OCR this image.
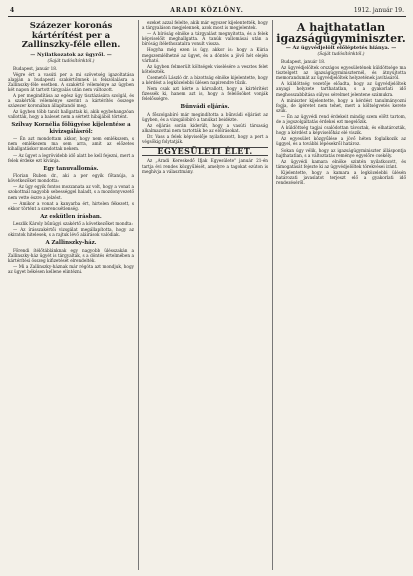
4	ARADI KÖZLÖNY.	1912. január 19.
Százezer koronás kártérítést per a Zallinszky-féle ellen.
— Nyilatkozatok az ügyről. —
(Saját tudósítónktól.)

Budapest, január 18.

Végre ért a vasúti per a mi szövetség igazoltatása alapján a budapesti szakértőmnek is felszólalásra a Zallinszky-féle esetben. A szakértő véleménye az ügyben két napon át tartott tárgyalás után nem változott.

A per megindítása az egész ügy tisztázására szolgál, és a szakértők véleménye szerint a kártérítés összege százezer koronában állapítandó meg.

Az ügyben több tanút hallgattak ki, akik egybehangzóan vallották, hogy a baleset nem a sértett hibájából történt.

Szilvay Kornélia fölügyése kijelentése a kivizsgálásról:

— Én azt mondottam akkor, hogy nem emlékszem, s nem emlékezem ma sem arra, amit az előzetes kihallgatáskor mondottak nekem.

— Az ügyet a legrövidebb idő alatt be kell fejezni, mert a felek érdeke ezt kívánja.

Egy tanuvallomás.

Florian Ruben dr., aki a per egyik főtanúja, a következőket mondotta:

— Az ügy egyik fontos mozzanata az volt, hogy a vonat a szokottnál nagyobb sebességgel haladt, s a mozdonyvezető nem vette észre a jelzést.

— Amikor a vonat a kanyarba ért, hirtelen fékezett, s ekkor történt a szerencsétlenség.

Az eskütlen írásban.

Leszlik Károly bűnügyi szakértő a következőket mondta:

— Az írásszakértői vizsgálat megállapította, hogy az okiratok hitelesek, s a rajtuk lévő aláírások valódiak.

A Zallinszky-ház.

Főrendi ítélőtáblánknak egy nagyobb ülésszakán a Zallinszky-ház ügyét is tárgyalták, s a döntés értelmében a kártérítési összeg kifizetését elrendelték.

— Mi a Zallinszky-háznak már régóta azt mondjuk, hogy az ügyet békésen kellene elintézni.

ezeket azzal felelte, akik már egyszer kijelentették, hogy a tárgyaláson megjelennek, azok most is megjelentek.

— A bíróság elnöke a tárgyalást megnyitotta, és a felek képviselőit meghallgatta. A tanúk vallomásai után a bíróság ítélethozatalra vonult vissza.

Hogyha még ezen is ügy, akkor is: hogy a Kúria megszemlélhetné az ügyet, és a döntés a jövő hét elején várható.

Az ügyben felmerült költségek viselésére a vesztes felet kötelezték.

Csemetői László dr. a bizottság elnöke kijelentette, hogy a kérdést a legközelebbi ülésen napirendre tűzik.

Nem csak azt kérte a kárvallott, hogy a kártérítést fizessék ki, hanem azt is, hogy a felelősöket vonják felelősségre.

Bűnvádi eljárás.

A főszolgabíró már megindította a bűnvádi eljárást az ügyben, és a vizsgálóbíró a tanúkat beidézte.

Az eljárás során kiderült, hogy a vasúti társaság alkalmazottai nem tartották be az előírásokat.

Dr. Vass a felek képviselője nyilatkozott, hogy a pert a végsőkig folytatják.

EGYESÜLETI ÉLET.

Az „Aradi Kereskedő Ifjak Egyesülete" január 21-én tartja évi rendes közgyűlését, amelyre a tagokat ezúton is meghívja a választmány.

A hajthatatlan igazságügyminiszter.
— Az ügyvédjelölt előléptetés hiánya. —
(Saját tudósítónktól.)

Budapest, január 18.

Az ügyvédjelöltek országos egyesületének küldöttsége ma tisztelgett az igazságügyminiszternél, és átnyújtotta memorandumát az ügyvédjelöltek helyzetének javításáról.

A küldöttség vezetője előadta, hogy az ügyvédjelöltek anyagi helyzete tarthatatlan, s a gyakorlati idő meghosszabbítása súlyos sérelmet jelentene számukra.

A miniszter kijelentette, hogy a kérdést tanulmányozni fogja, de ígéretet nem tehet, mert a költségvetés kerete szűk.

— Én az ügyvédi rend érdekeit mindig szem előtt tartom, de a jogszolgáltatás érdekei ezt megelőzik.

A küldöttség tagjai csalódottan távoztak, és elhatározták, hogy a kérdést a képviselőház elé viszik.

Az egyesület közgyűlése a jövő héten foglalkozik az üggyel, és a további lépésekről határoz.

Sokan úgy vélik, hogy az igazságügyminiszter álláspontja hajthatatlan, s a változtatás reménye egyelőre csekély.

Az ügyvédi kamara elnöke szintén nyilatkozott, és támogatását fejezte ki az ügyvédjelöltek törekvései iránt.

Kijelentette, hogy a kamara a legközelebbi ülésén határozati javaslatot terjeszt elő a gyakorlati idő rendezéséről.
